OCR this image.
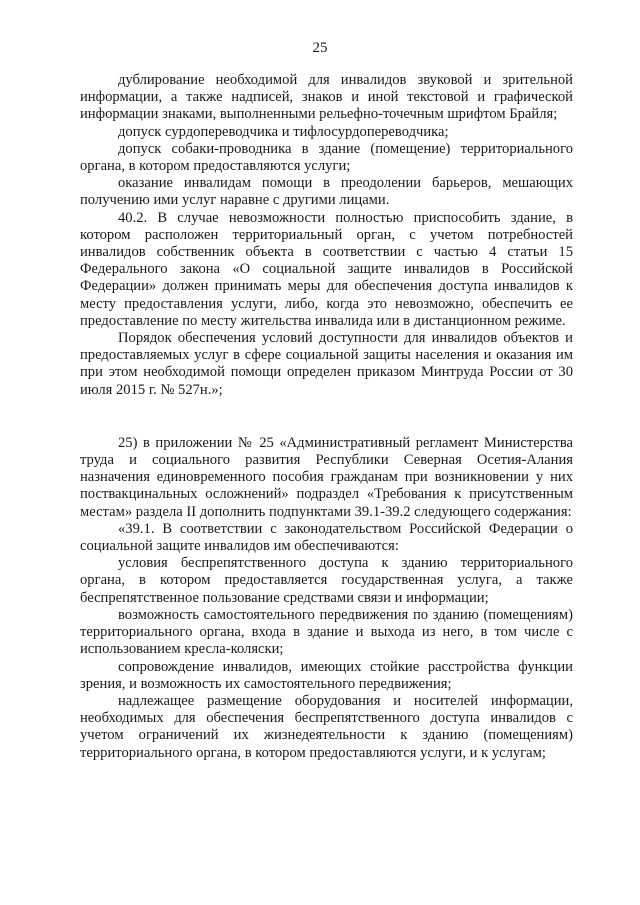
25

дублирование необходимой для инвалидов звуковой и зрительной информации, а также надписей, знаков и иной текстовой и графической информации знаками, выполненными рельефно-точечным шрифтом Брайля;

допуск сурдопереводчика и тифлосурдопереводчика;

допуск собаки-проводника в здание (помещение) территориального органа, в котором предоставляются услуги;

оказание инвалидам помощи в преодолении барьеров, мешающих получению ими услуг наравне с другими лицами.

40.2. В случае невозможности полностью приспособить здание, в котором расположен территориальный орган, с учетом потребностей инвалидов собственник объекта в соответствии с частью 4 статьи 15 Федерального закона «О социальной защите инвалидов в Российской Федерации» должен принимать меры для обеспечения доступа инвалидов к месту предоставления услуги, либо, когда это невозможно, обеспечить ее предоставление по месту жительства инвалида или в дистанционном режиме.

Порядок обеспечения условий доступности для инвалидов объектов и предоставляемых услуг в сфере социальной защиты населения и оказания им при этом необходимой помощи определен приказом Минтруда России от 30 июля 2015 г. № 527н.»;

25) в приложении № 25 «Административный регламент Министерства труда и социального развития Республики Северная Осетия-Алания назначения единовременного пособия гражданам при возникновении у них поствакцинальных осложнений» подраздел «Требования к присутственным местам» раздела II дополнить подпунктами 39.1-39.2 следующего содержания:

«39.1. В соответствии с законодательством Российской Федерации о социальной защите инвалидов им обеспечиваются:

условия беспрепятственного доступа к зданию территориального органа, в котором предоставляется государственная услуга, а также беспрепятственное пользование средствами связи и информации;

возможность самостоятельного передвижения по зданию (помещениям) территориального органа, входа в здание и выхода из него, в том числе с использованием кресла-коляски;

сопровождение инвалидов, имеющих стойкие расстройства функции зрения, и возможность их самостоятельного передвижения;

надлежащее размещение оборудования и носителей информации, необходимых для обеспечения беспрепятственного доступа инвалидов с учетом ограничений их жизнедеятельности к зданию (помещениям) территориального органа, в котором предоставляются услуги, и к услугам;
